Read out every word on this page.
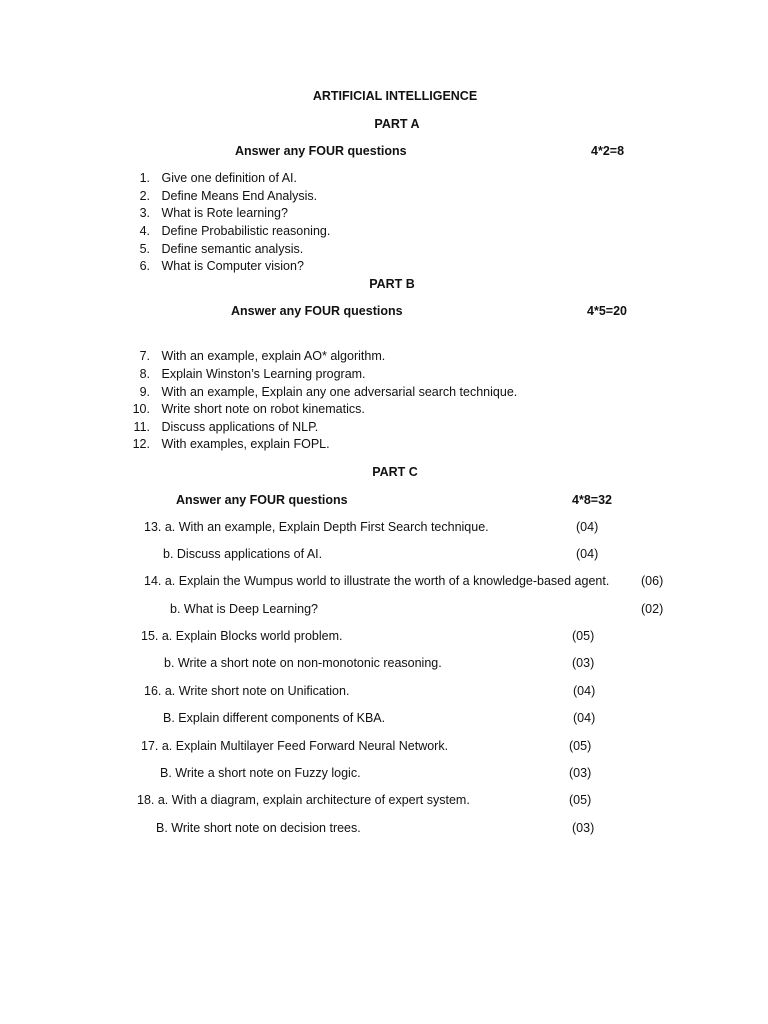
ARTIFICIAL INTELLIGENCE
PART A
Answer any FOUR questions	4*2=8
1. Give one definition of AI.
2. Define Means End Analysis.
3. What is Rote learning?
4. Define Probabilistic reasoning.
5. Define semantic analysis.
6. What is Computer vision?
PART B
Answer any FOUR questions	4*5=20
7. With an example, explain AO* algorithm.
8. Explain Winston’s Learning program.
9. With an example, Explain any one adversarial search technique.
10. Write short note on robot kinematics.
11. Discuss applications of NLP.
12. With examples, explain FOPL.
PART C
Answer any FOUR questions	4*8=32
13. a. With an example, Explain Depth First Search technique.	(04)
b. Discuss applications of AI.	(04)
14. a. Explain the Wumpus world to illustrate the worth of a knowledge-based agent.	(06)
b. What is Deep Learning?	(02)
15. a. Explain Blocks world problem.	(05)
b. Write a short note on non-monotonic reasoning.	(03)
16. a. Write short note on Unification.	(04)
B. Explain different components of KBA.	(04)
17. a. Explain Multilayer Feed Forward Neural Network.	(05)
B. Write a short note on Fuzzy logic.	(03)
18. a. With a diagram, explain architecture of expert system.	(05)
B. Write short note on decision trees.	(03)
